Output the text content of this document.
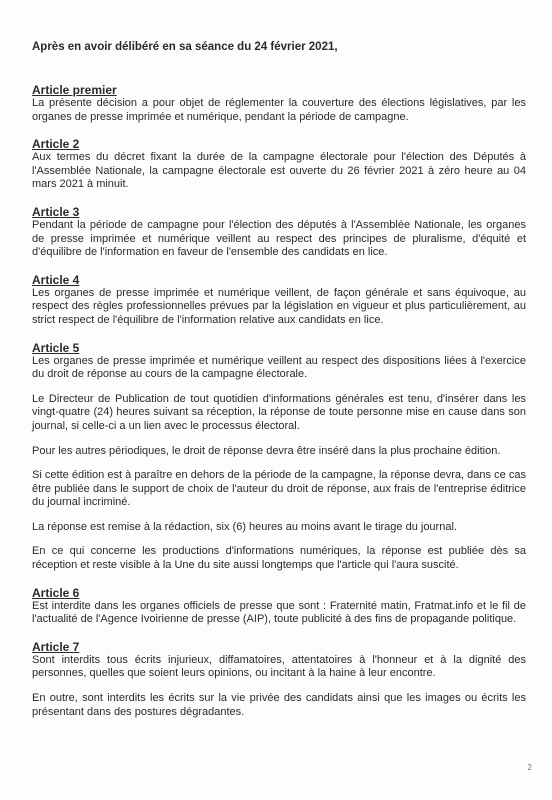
Après en avoir délibéré en sa séance du 24 février 2021,

Article premier

La présente décision a pour objet de réglementer la couverture des élections législatives, par les organes de presse imprimée et numérique, pendant la période de campagne.

Article 2

Aux termes du décret fixant la durée de la campagne électorale pour l'élection des Députés à l'Assemblée Nationale, la campagne électorale est ouverte du 26 février 2021 à zéro heure au 04 mars 2021 à minuit.

Article 3

Pendant la période de campagne pour l'élection des députés à l'Assemblée Nationale, les organes de presse imprimée et numérique veillent au respect des principes de pluralisme, d'équité et d'équilibre de l'information en faveur de l'ensemble des candidats en lice.

Article 4

Les organes de presse imprimée et numérique veillent, de façon générale et sans équivoque, au respect des règles professionnelles prévues par la législation en vigueur et plus particulièrement, au strict respect de l'équilibre de l'information relative aux candidats en lice.

Article 5

Les organes de presse imprimée et numérique veillent au respect des dispositions liées à l'exercice du droit de réponse au cours de la campagne électorale.

Le Directeur de Publication de tout quotidien d'informations générales est tenu, d'insérer dans les vingt-quatre (24) heures suivant sa réception, la réponse de toute personne mise en cause dans son journal, si celle-ci a un lien avec le processus électoral.

Pour les autres périodiques, le droit de réponse devra être inséré dans la plus prochaine édition.

Si cette édition est à paraître en dehors de la période de la campagne, la réponse devra, dans ce cas être publiée dans le support de choix de l'auteur du droit de réponse, aux frais de l'entreprise éditrice du journal incriminé.

La réponse est remise à la rédaction, six (6) heures au moins avant le tirage du journal.

En ce qui concerne les productions d'informations numériques, la réponse est publiée dès sa réception et reste visible à la Une du site aussi longtemps que l'article qui l'aura suscité.

Article 6

Est interdite dans les organes officiels de presse que sont : Fraternité matin, Fratmat.info et le fil de l'actualité de l'Agence Ivoirienne de presse (AIP), toute publicité à des fins de propagande politique.

Article 7

Sont interdits tous écrits injurieux, diffamatoires, attentatoires à l'honneur et à la dignité des personnes, quelles que soient leurs opinions, ou incitant à la haine à leur encontre.

En outre, sont interdits les écrits sur la vie privée des candidats ainsi que les images ou écrits les présentant dans des postures dégradantes.

2
